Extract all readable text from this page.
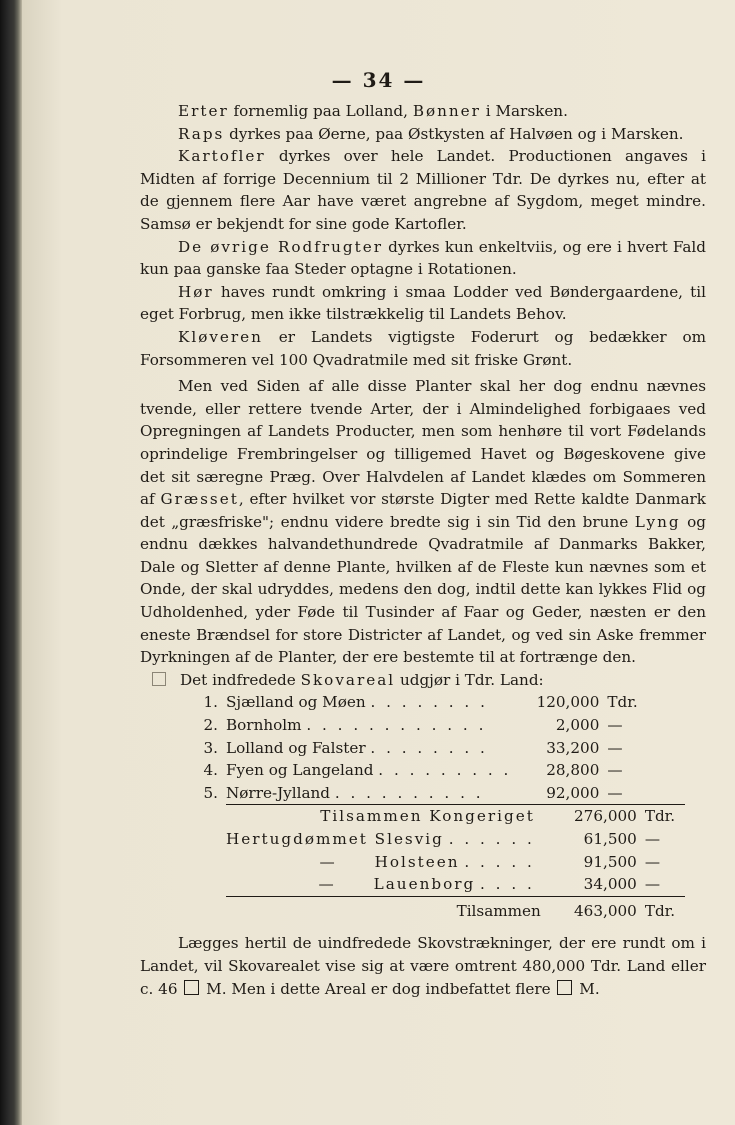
— 34 —

Erter fornemlig paa Lolland, Bønner i Marsken.

Raps dyrkes paa Øerne, paa Østkysten af Halvøen og i Marsken.

Kartofler dyrkes over hele Landet. Productionen angaves i Midten af forrige Decennium til 2 Millioner Tdr. De dyrkes nu, efter at de gjennem flere Aar have været angrebne af Sygdom, meget mindre. Samsø er bekjendt for sine gode Kartofler.

De øvrige Rodfrugter dyrkes kun enkeltviis, og ere i hvert Fald kun paa ganske faa Steder optagne i Rotationen.

Hør haves rundt omkring i smaa Lodder ved Bøndergaardene, til eget Forbrug, men ikke tilstrækkelig til Landets Behov.

Kløveren er Landets vigtigste Foderurt og bedækker om Forsommeren vel 100 Qvadratmile med sit friske Grønt.

Men ved Siden af alle disse Planter skal her dog endnu nævnes tvende, eller rettere tvende Arter, der i Almindelighed forbigaaes ved Opregningen af Landets Producter, men som henhøre til vort Fødelands oprindelige Frembringelser og tilligemed Havet og Bøgeskovene give det sit særegne Præg. Over Halvdelen af Landet klædes om Sommeren af Græsset, efter hvilket vor største Digter med Rette kaldte Danmark det „græsfriske"; endnu videre bredte sig i sin Tid den brune Lyng og endnu dækkes halvandethundrede Qvadratmile af Danmarks Bakker, Dale og Sletter af denne Plante, hvilken af de Fleste kun nævnes som et Onde, der skal udryddes, medens den dog, indtil dette kan lykkes Flid og Udholdenhed, yder Føde til Tusinder af Faar og Geder, næsten er den eneste Brændsel for store Districter af Landet, og ved sin Aske fremmer Dyrkningen af de Planter, der ere bestemte til at fortrænge den.

Det indfredede Skovareal udgjør i Tdr. Land:

1.	Sjælland og Møen . . . . . . . .	120,000	Tdr.
2.	Bornholm . . . . . . . . . . . .	2,000	—
3.	Lolland og Falster . . . . . . . .	33,200	—
4.	Fyen og Langeland . . . . . . . . .	28,800	—
5.	Nørre-Jylland . . . . . . . . . .	92,000	—
	Tilsammen Kongeriget	276,000	Tdr.
	Hertugdømmet Slesvig . . . . . .	61,500	—
	— Holsteen . . . . .	91,500	—
	— Lauenborg . . . .	34,000	—
	Tilsammen	463,000	Tdr.

Lægges hertil de uindfredede Skovstrækninger, der ere rundt om i Landet, vil Skovarealet vise sig at være omtrent 480,000 Tdr. Land eller c. 46 M. Men i dette Areal er dog indbefattet flere M.
